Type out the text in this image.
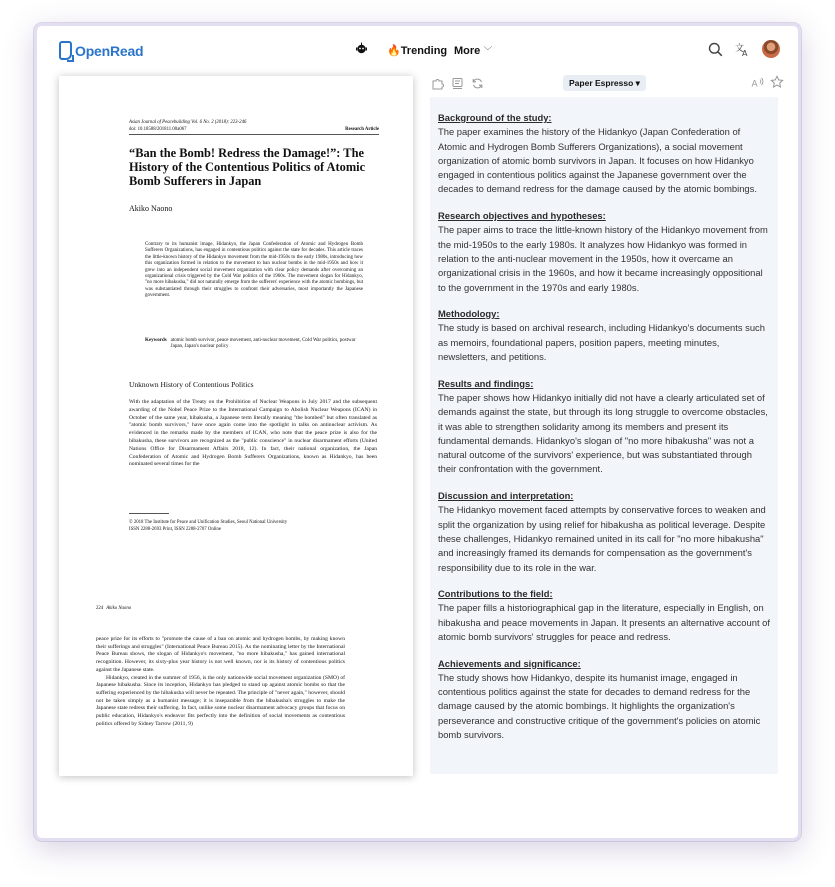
OpenRead	🔥Trending More ﹀	文
A
Asian Journal of Peacebuilding Vol. 6 No. 2 (2018): 223-246
doi: 10.18588/201811.00a067	Research Article
“Ban the Bomb! Redress the Damage!”: The History of the Contentious Politics of Atomic Bomb Sufferers in Japan
Akiko Naono
Contrary to its humanist image, Hidankyo, the Japan Confederation of Atomic and Hydrogen Bomb Sufferers Organizations, has engaged in contentious politics against the state for decades. This article traces the little-known history of the Hidankyo movement from the mid-1950s to the early 1980s, introducing how this organization formed in relation to the movement to ban nuclear bombs in the mid-1950s and how it grew into an independent social movement organization with clear policy demands after overcoming an organizational crisis triggered by the Cold War politics of the 1960s. The movement slogan for Hidankyo, "no more hibakusha," did not naturally emerge from the sufferers' experience with the atomic bombings, but was substantiated through their struggles to confront their adversaries, most importantly the Japanese government.
Keywords atomic bomb survivor, peace movement, anti-nuclear movement, Cold War politics, postwar Japan, Japan's nuclear policy
Unknown History of Contentious Politics
With the adaptation of the Treaty on the Prohibition of Nuclear Weapons in July 2017 and the subsequent awarding of the Nobel Peace Prize to the International Campaign to Abolish Nuclear Weapons (ICAN) in October of the same year, hibakusha, a Japanese term literally meaning "the bombed" but often translated as "atomic bomb survivors," have once again come into the spotlight in talks on antinuclear activism. As evidenced in the remarks made by the members of ICAN, who note that the peace prize is also for the hibakusha, these survivors are recognized as the "public conscience" in nuclear disarmament efforts (United Nations Office for Disarmament Affairs 2018, 12). In fact, their national organization, the Japan Confederation of Atomic and Hydrogen Bomb Sufferers Organizations, known as Hidankyo, has been nominated several times for the
© 2018 The Institute for Peace and Unification Studies, Seoul National University
ISSN 2288-2693 Print, ISSN 2288-2707 Online
224 Akiko Naono
peace prize for its efforts to "promote the cause of a ban on atomic and hydrogen bombs, by making known their sufferings and struggles" (International Peace Bureau 2015). As the nominating letter by the International Peace Bureau shows, the slogan of Hidankyo's movement, "no more hibakusha," has gained international recognition. However, its sixty-plus year history is not well known, nor is its history of contentious politics against the Japanese state.
Hidankyo, created in the summer of 1956, is the only nationwide social movement organization (SMO) of Japanese hibakusha. Since its inception, Hidankyo has pledged to stand up against atomic bombs so that the suffering experienced by the hibakusha will never be repeated. The principle of "never again," however, should not be taken simply as a humanist message; it is inseparable from the hibakusha's struggles to make the Japanese state redress their suffering. In fact, unlike some nuclear disarmament advocacy groups that focus on public education, Hidankyo's endeavor fits perfectly into the definition of social movements as contentious politics offered by Sidney Tarrow (2011, 9)
Paper Espresso ▾	A
Background of the study:
The paper examines the history of the Hidankyo (Japan Confederation of Atomic and Hydrogen Bomb Sufferers Organizations), a social movement organization of atomic bomb survivors in Japan. It focuses on how Hidankyo engaged in contentious politics against the Japanese government over the decades to demand redress for the damage caused by the atomic bombings.
Research objectives and hypotheses:
The paper aims to trace the little-known history of the Hidankyo movement from the mid-1950s to the early 1980s. It analyzes how Hidankyo was formed in relation to the anti-nuclear movement in the 1950s, how it overcame an organizational crisis in the 1960s, and how it became increasingly oppositional to the government in the 1970s and early 1980s.
Methodology:
The study is based on archival research, including Hidankyo's documents such as memoirs, foundational papers, position papers, meeting minutes, newsletters, and petitions.
Results and findings:
The paper shows how Hidankyo initially did not have a clearly articulated set of demands against the state, but through its long struggle to overcome obstacles, it was able to strengthen solidarity among its members and present its fundamental demands. Hidankyo's slogan of "no more hibakusha" was not a natural outcome of the survivors' experience, but was substantiated through their confrontation with the government.
Discussion and interpretation:
The Hidankyo movement faced attempts by conservative forces to weaken and split the organization by using relief for hibakusha as political leverage. Despite these challenges, Hidankyo remained united in its call for "no more hibakusha" and increasingly framed its demands for compensation as the government's responsibility due to its role in the war.
Contributions to the field:
The paper fills a historiographical gap in the literature, especially in English, on hibakusha and peace movements in Japan. It presents an alternative account of atomic bomb survivors' struggles for peace and redress.
Achievements and significance:
The study shows how Hidankyo, despite its humanist image, engaged in contentious politics against the state for decades to demand redress for the damage caused by the atomic bombings. It highlights the organization's perseverance and constructive critique of the government's policies on atomic bomb survivors.
